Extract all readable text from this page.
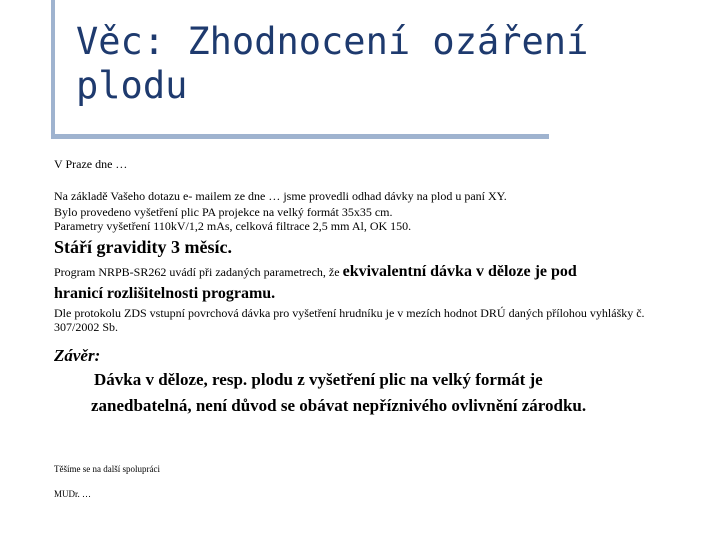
Věc: Zhodnocení ozáření
plodu
V Praze dne …
Na základě Vašeho dotazu e- mailem ze dne … jsme provedli odhad dávky na plod u paní XY.
Bylo provedeno vyšetření plic PA projekce na velký formát 35x35 cm.
Parametry vyšetření 110kV/1,2 mAs, celková filtrace 2,5 mm Al, OK 150.
Stáří gravidity 3 měsíc.
Program NRPB-SR262 uvádí při zadaných parametrech, že ekvivalentní dávka v děloze je pod
hranicí rozlišitelnosti programu.
Dle protokolu ZDS vstupní povrchová dávka pro vyšetření hrudníku je v mezích hodnot DRÚ daných přílohou vyhlášky č.
307/2002 Sb.
Závěr:
Dávka v děloze, resp. plodu z vyšetření plic na velký formát je
zanedbatelná, není důvod se obávat nepříznivého ovlivnění zárodku.
Těšíme se na další spolupráci
MUDr. …
